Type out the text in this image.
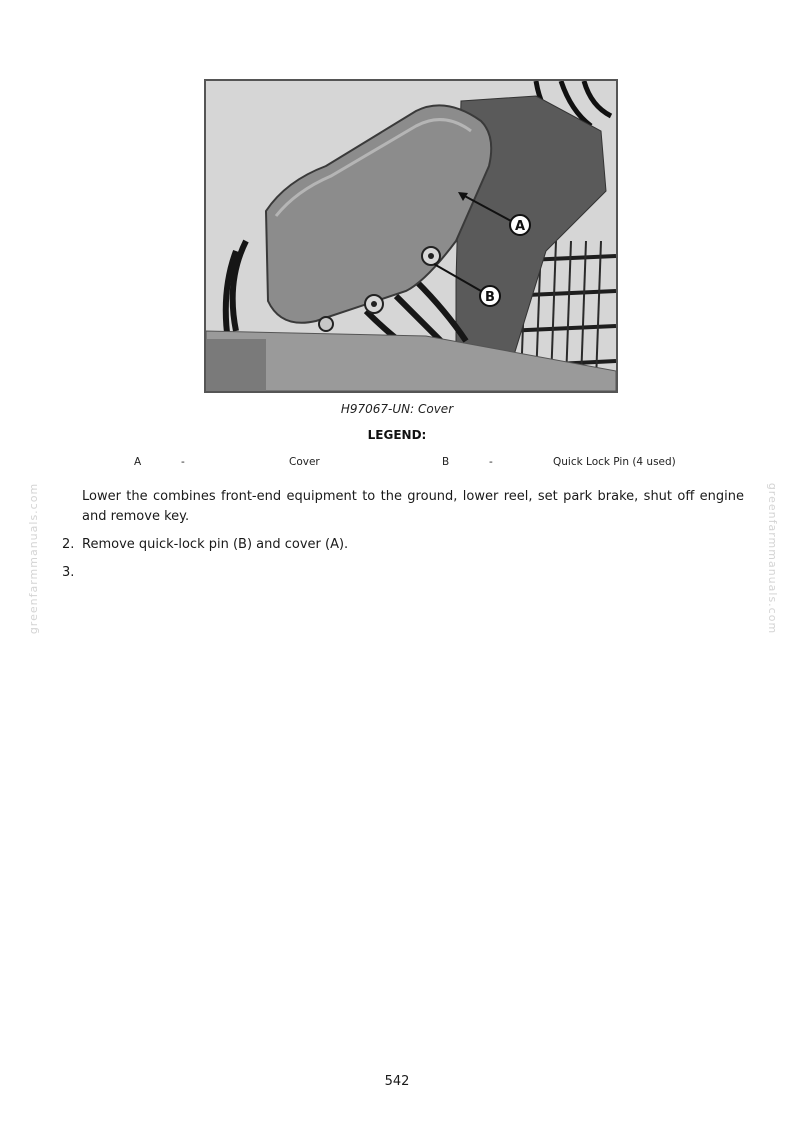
A
B
H97067-UN: Cover
LEGEND:
A	-	Cover	B	-	Quick Lock Pin (4 used)
Lower the combines front-end equipment to the ground, lower reel, set park brake, shut off engine and remove key.
2. Remove quick-lock pin (B) and cover (A).
3.
greenfarmmanuals.com	greenfarmmanuals.com
542
